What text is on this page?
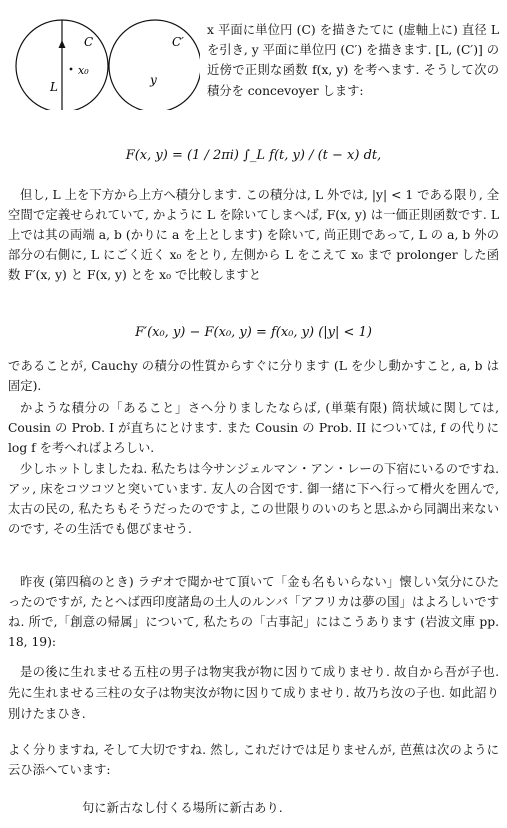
C
x₀
L
C′
y

x 平面に単位円 (C) を描きたてに (虚軸上に) 直径 L を引き, y 平面に単位円 (C′) を描きます. [L, (C′)] の近傍で正則な函数 f(x, y) を考へます. そうして次の積分を concevoyer します:

F(x, y) = (1 / 2πi) ∫_L f(t, y) / (t − x) dt,

但し, L 上を下方から上方へ積分します. この積分は, L 外では, |y| < 1 である限り, 全空間で定義せられていて, かように L を除いてしまへば, F(x, y) は一価正則函数です. L 上では其の両端 a, b (かりに a を上とします) を除いて, 尚正則であって, L の a, b 外の部分の右側に, L にごく近く x₀ をとり, 左側から L をこえて x₀ まで prolonger した函数 F′(x, y) と F(x, y) とを x₀ で比較しますと

F′(x₀, y) − F(x₀, y) = f(x₀, y) (|y| < 1)

であることが, Cauchy の積分の性質からすぐに分ります (L を少し動かすこと, a, b は固定).

かような積分の「あること」さへ分りましたならば, (単葉有限) 筒状域に関しては, Cousin の Prob. I が直ちにとけます. また Cousin の Prob. II については, f の代りに log f を考へればよろしい.

少しホットしましたね. 私たちは今サンジェルマン・アン・レーの下宿にいるのですね. アッ, 床をコツコツと突いています. 友人の合図です. 御一緒に下へ行って榾火を囲んで, 太古の民の, 私たちもそうだったのですよ, この世限りのいのちと思ふから同調出来ないのです, その生活でも偲びませう.

昨夜 (第四稿のとき) ラヂオで聞かせて頂いて「金も名もいらない」懐しい気分にひたったのですが, たとへば西印度諸島の土人のルンバ「アフリカは夢の国」はよろしいですね. 所で,「創意の帰属」について, 私たちの「古事記」にはこうあります (岩波文庫 pp. 18, 19):

是の後に生れませる五柱の男子は物実我が物に因りて成りませり. 故自から吾が子也. 先に生れませる三柱の女子は物実汝が物に因りて成りませり. 故乃ち汝の子也. 如此詔り別けたまひき.

よく分りますね, そして大切ですね. 然し, これだけでは足りませんが, 芭蕉は次のように云ひ添へています:

句に新古なし付くる場所に新古あり.
